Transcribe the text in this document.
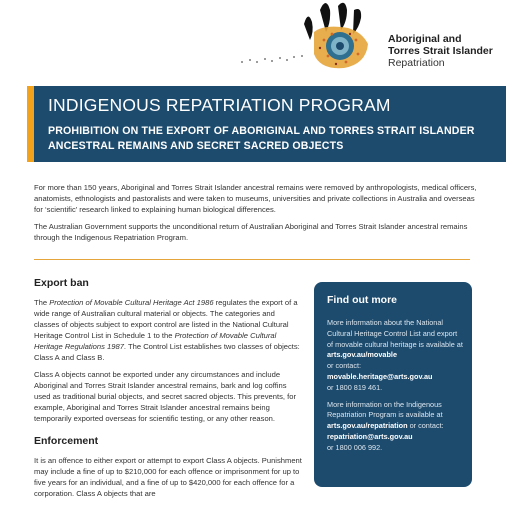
Aboriginal and
Torres Strait Islander
Repatriation
INDIGENOUS REPATRIATION PROGRAM
PROHIBITION ON THE EXPORT OF ABORIGINAL AND TORRES STRAIT ISLANDER ANCESTRAL REMAINS AND SECRET SACRED OBJECTS

For more than 150 years, Aboriginal and Torres Strait Islander ancestral remains were removed by anthropologists, medical officers, anatomists, ethnologists and pastoralists and were taken to museums, universities and private collections in Australia and overseas for ‘scientific’ research linked to explaining human biological differences.

The Australian Government supports the unconditional return of Australian Aboriginal and Torres Strait Islander ancestral remains through the Indigenous Repatriation Program.

Export ban

The Protection of Movable Cultural Heritage Act 1986 regulates the export of a wide range of Australian cultural material or objects. The categories and classes of objects subject to export control are listed in the National Cultural Heritage Control List in Schedule 1 to the Protection of Movable Cultural Heritage Regulations 1987. The Control List establishes two classes of objects: Class A and Class B.

Class A objects cannot be exported under any circumstances and include Aboriginal and Torres Strait Islander ancestral remains, bark and log coffins used as traditional burial objects, and secret sacred objects. This prevents, for example, Aboriginal and Torres Strait Islander ancestral remains being temporarily exported overseas for scientific testing, or any other reason.

Enforcement

It is an offence to either export or attempt to export Class A objects. Punishment may include a fine of up to $210,000 for each offence or imprisonment for up to five years for an individual, and a fine of up to $420,000 for each offence for a corporation. Class A objects that are

Find out more

More information about the National Cultural Heritage Control List and export of movable cultural heritage is available at arts.gov.au/movable
or contact:
movable.heritage@arts.gov.au
or 1800 819 461.

More information on the Indigenous Repatriation Program is available at
arts.gov.au/repatriation or contact:
repatriation@arts.gov.au
or 1800 006 992.
